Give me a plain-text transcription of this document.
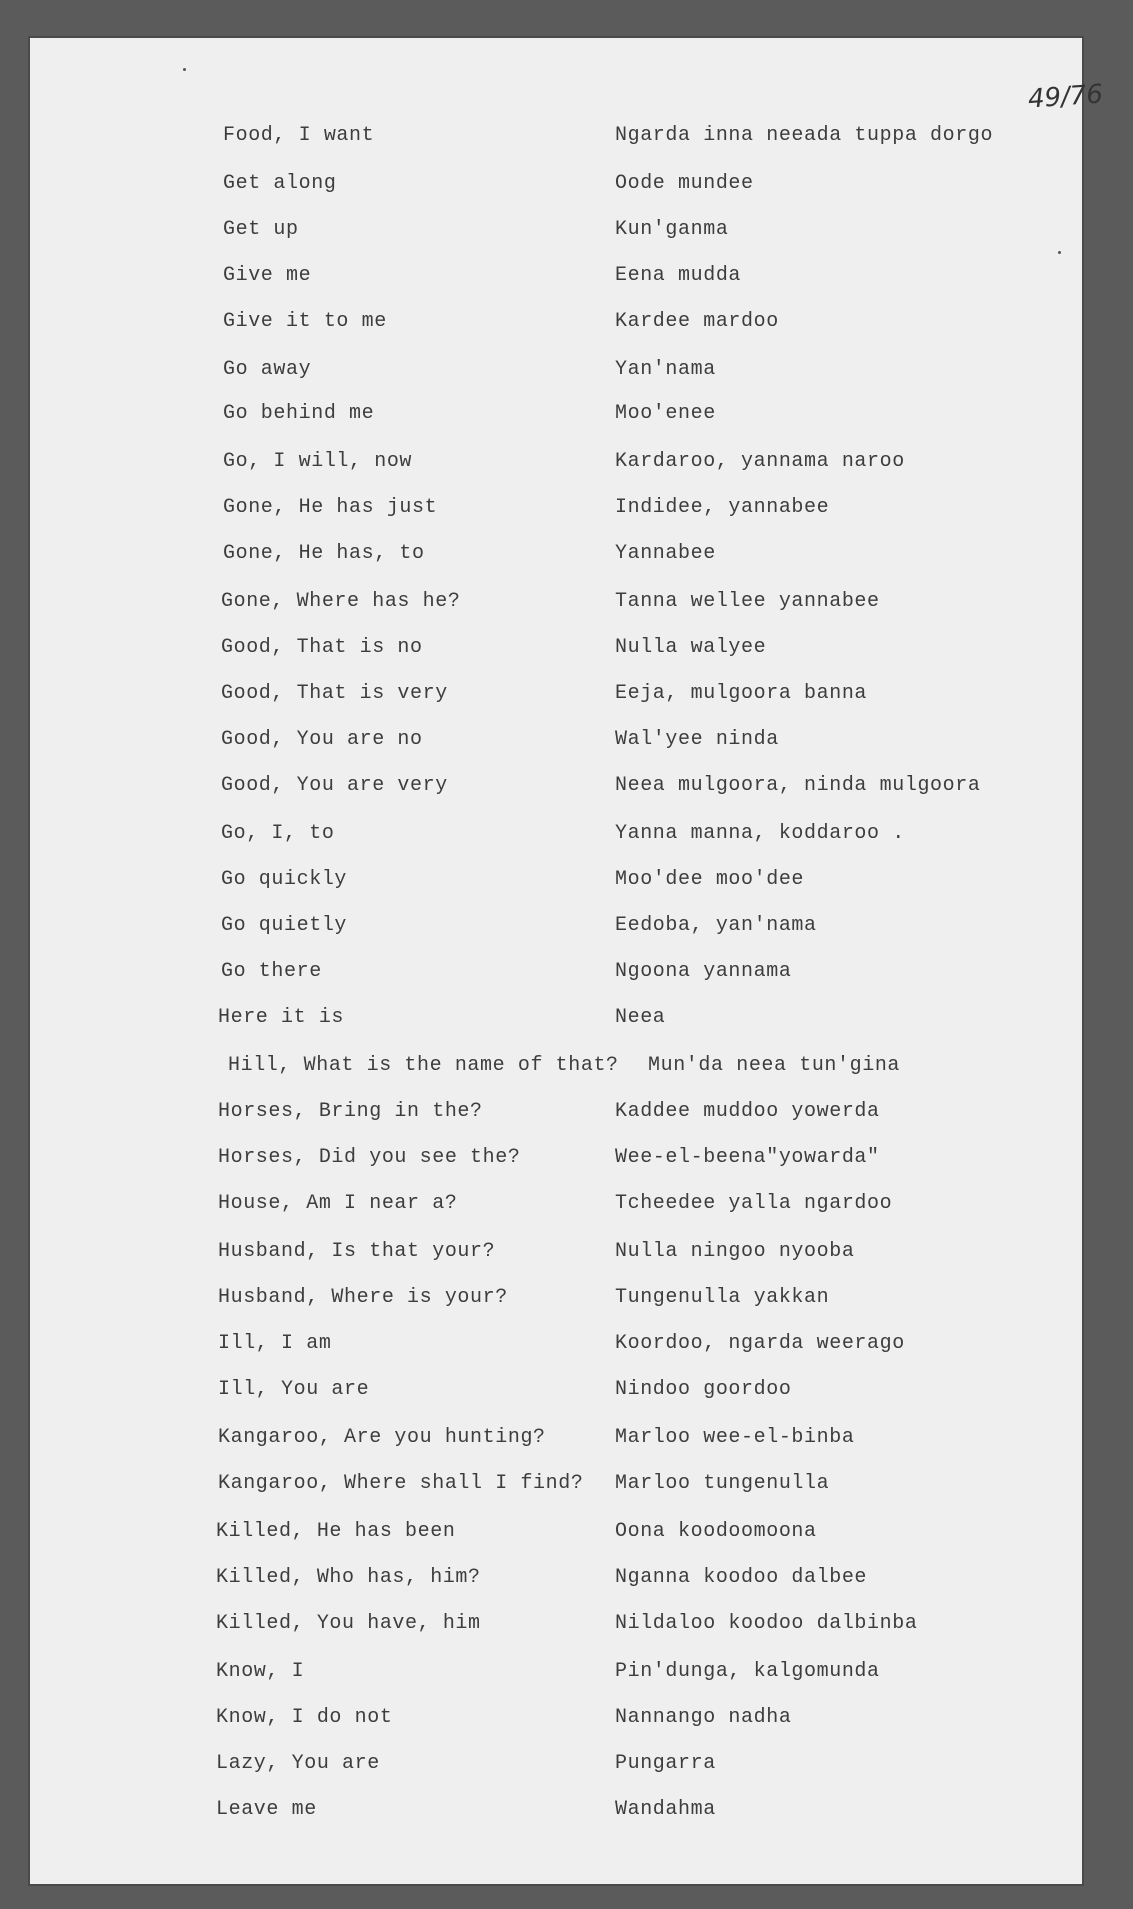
49/76
Food, I want	Ngarda inna neeada tuppa dorgo
Get along	Oode mundee
Get up	Kun'ganma
Give me	Eena mudda
Give it to me	Kardee mardoo
Go away	Yan'nama
Go behind me	Moo'enee
Go, I will, now	Kardaroo, yannama naroo
Gone, He has just	Indidee, yannabee
Gone, He has, to	Yannabee
Gone, Where has he?	Tanna wellee yannabee
Good, That is no	Nulla walyee
Good, That is very	Eeja, mulgoora banna
Good, You are no	Wal'yee ninda
Good, You are very	Neea mulgoora, ninda mulgoora
Go, I, to	Yanna manna, koddaroo .
Go quickly	Moo'dee moo'dee
Go quietly	Eedoba, yan'nama
Go there	Ngoona yannama
Here it is	Neea
Hill, What is the name of that? Mun'da neea tun'gina
Horses, Bring in the?	Kaddee muddoo yowerda
Horses, Did you see the?	Wee-el-beena"yowarda"
House, Am I near a?	Tcheedee yalla ngardoo
Husband, Is that your?	Nulla ningoo nyooba
Husband, Where is your?	Tungenulla yakkan
Ill, I am	Koordoo, ngarda weerago
Ill, You are	Nindoo goordoo
Kangaroo, Are you hunting?	Marloo wee-el-binba
Kangaroo, Where shall I find? Marloo tungenulla
Killed, He has been	Oona koodoomoona
Killed, Who has, him?	Nganna koodoo dalbee
Killed, You have, him	Nildaloo koodoo dalbinba
Know, I	Pin'dunga, kalgomunda
Know, I do not	Nannango nadha
Lazy, You are	Pungarra
Leave me	Wandahma
